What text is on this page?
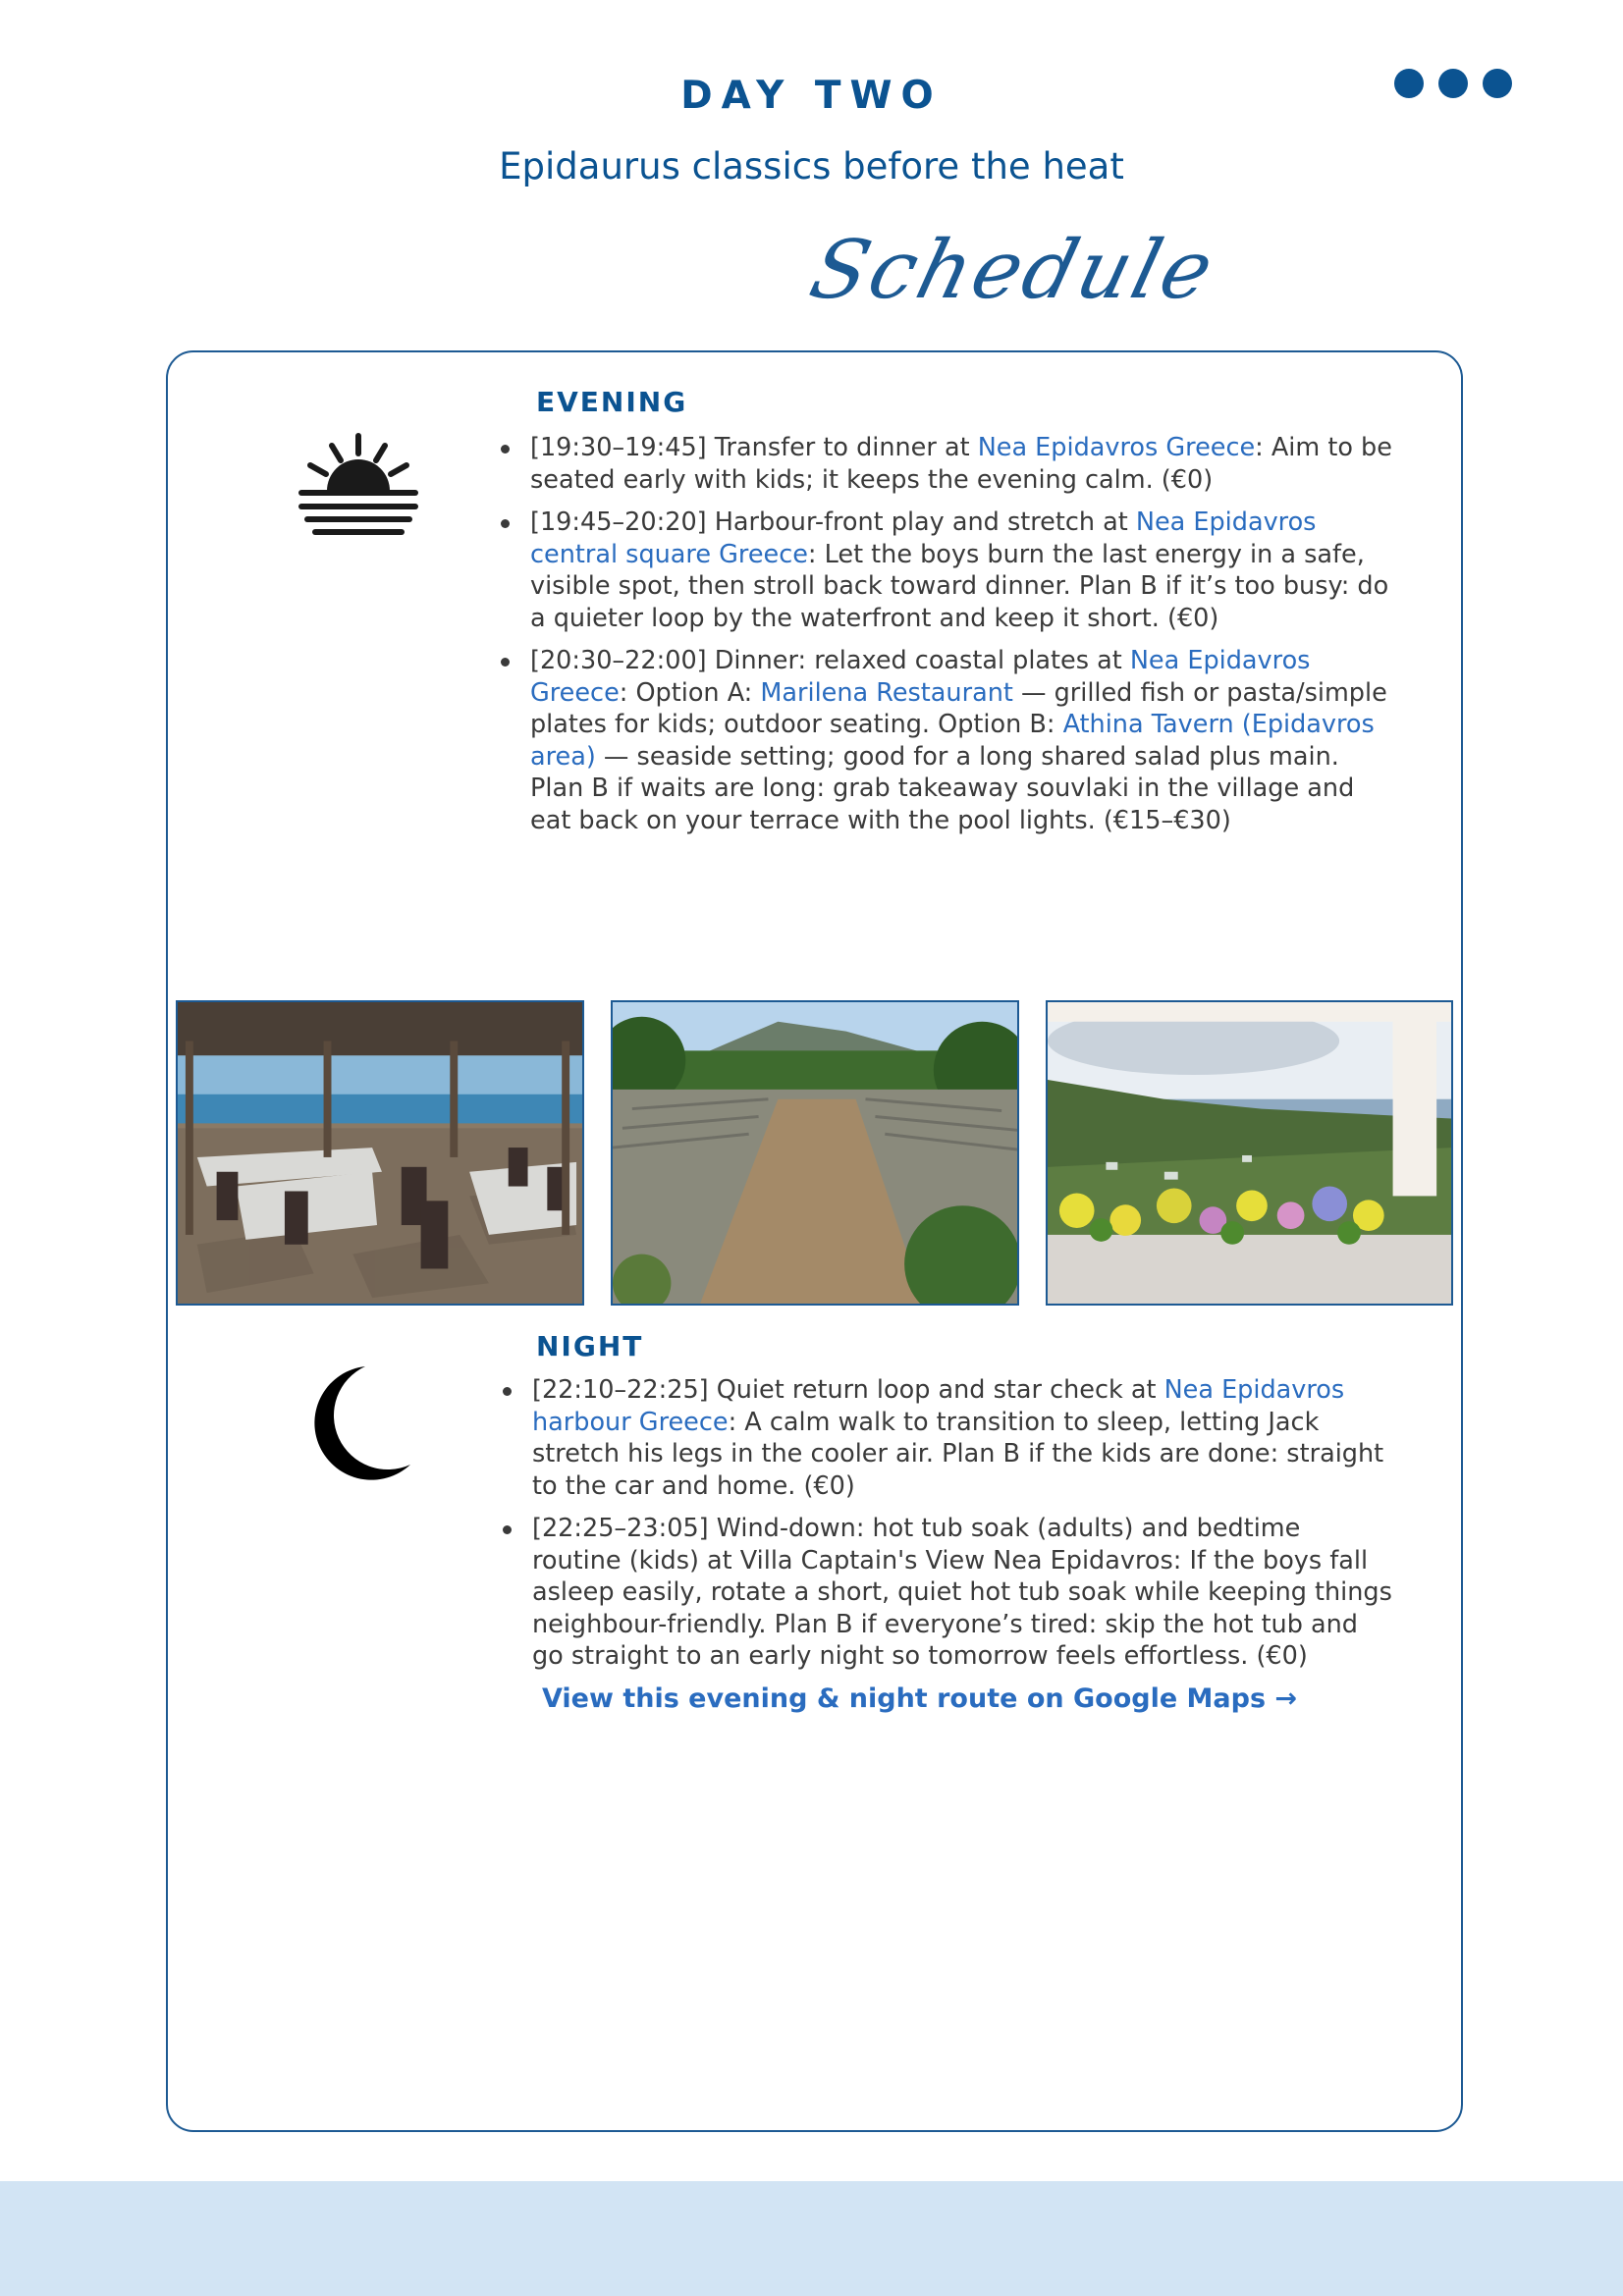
DAY TWO
Epidaurus classics before the heat
Schedule
EVENING
[19:30–19:45] Transfer to dinner at Nea Epidavros Greece: Aim to be seated early with kids; it keeps the evening calm. (€0)
[19:45–20:20] Harbour-front play and stretch at Nea Epidavros central square Greece: Let the boys burn the last energy in a safe, visible spot, then stroll back toward dinner. Plan B if it’s too busy: do a quieter loop by the waterfront and keep it short. (€0)
[20:30–22:00] Dinner: relaxed coastal plates at Nea Epidavros Greece: Option A: Marilena Restaurant — grilled fish or pasta/simple plates for kids; outdoor seating. Option B: Athina Tavern (Epidavros area) — seaside setting; good for a long shared salad plus main. Plan B if waits are long: grab takeaway souvlaki in the village and eat back on your terrace with the pool lights. (€15–€30)
NIGHT
[22:10–22:25] Quiet return loop and star check at Nea Epidavros harbour Greece: A calm walk to transition to sleep, letting Jack stretch his legs in the cooler air. Plan B if the kids are done: straight to the car and home. (€0)
[22:25–23:05] Wind-down: hot tub soak (adults) and bedtime routine (kids) at Villa Captain's View Nea Epidavros: If the boys fall asleep easily, rotate a short, quiet hot tub soak while keeping things neighbour-friendly. Plan B if everyone’s tired: skip the hot tub and go straight to an early night so tomorrow feels effortless. (€0)
View this evening & night route on Google Maps →
